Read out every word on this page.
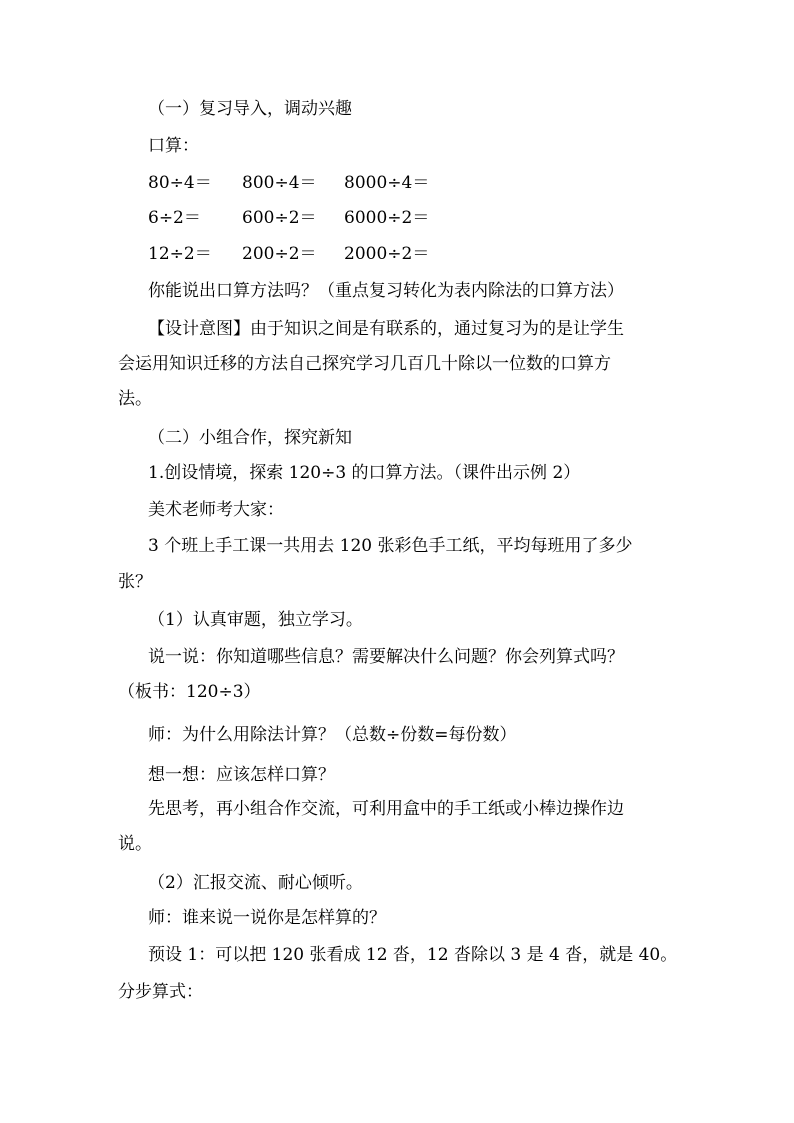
（一）复习导入，调动兴趣
口算：
80÷4＝ 800÷4＝ 8000÷4＝
6÷2＝ 600÷2＝ 6000÷2＝
12÷2＝ 200÷2＝ 2000÷2＝
你能说出口算方法吗？（重点复习转化为表内除法的口算方法）
【设计意图】由于知识之间是有联系的，通过复习为的是让学生
会运用知识迁移的方法自己探究学习几百几十除以一位数的口算方
法。
（二）小组合作，探究新知
1.创设情境，探索 120÷3 的口算方法。（课件出示例 2）
美术老师考大家：
3 个班上手工课一共用去 120 张彩色手工纸，平均每班用了多少
张？
（1）认真审题，独立学习。
说一说：你知道哪些信息？需要解决什么问题？你会列算式吗？
（板书：120÷3）
师：为什么用除法计算？（总数÷份数=每份数）
想一想：应该怎样口算？
先思考，再小组合作交流，可利用盒中的手工纸或小棒边操作边
说。
（2）汇报交流、耐心倾听。
师：谁来说一说你是怎样算的？
预设 1：可以把 120 张看成 12 沓，12 沓除以 3 是 4 沓，就是 40。
分步算式：
